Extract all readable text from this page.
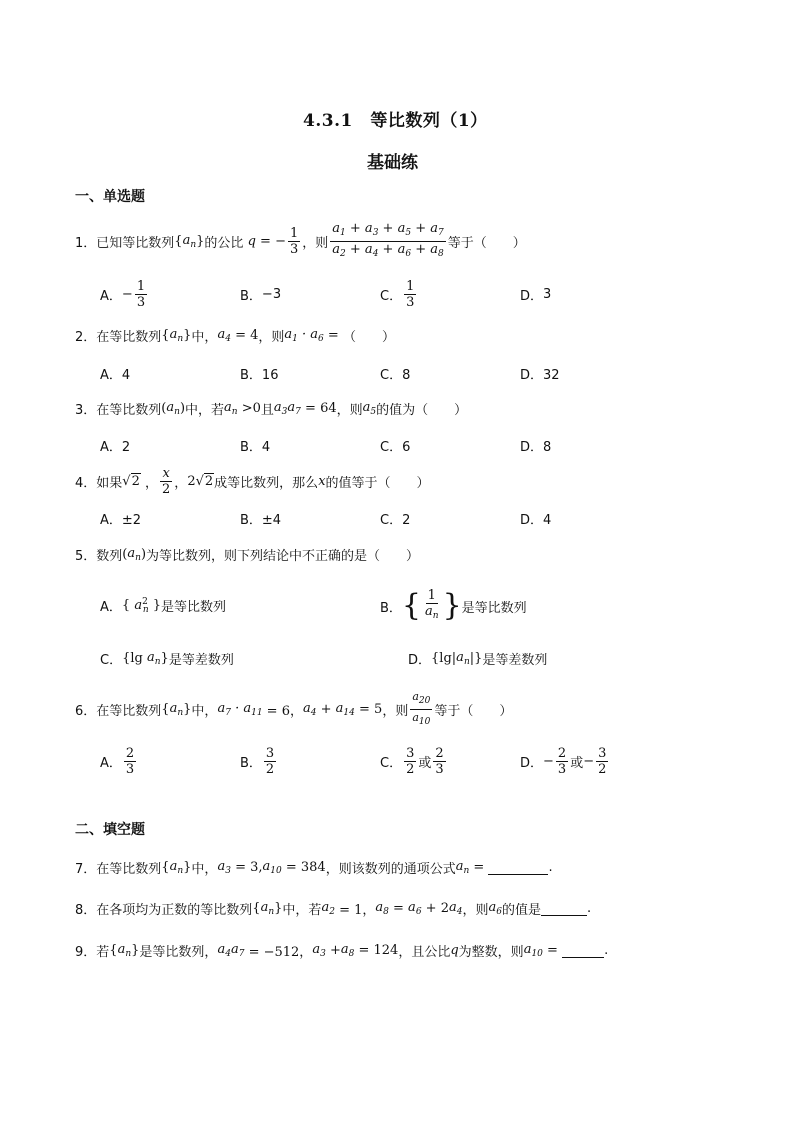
4.3.1　等比数列（1）
基础练
一、单选题
1． 已知等比数列 { $a_n$ } 的公比 q = − $\frac{1}{3}$ ，则 $\frac{a_1 + a_3 + a_5 + a_7}{a_2 + a_4 + a_6 + a_8}$ 等于（　　）
A． − $\frac{1}{3}$	B． −3	C． $\frac{1}{3}$	D． 3
2． 在等比数列 { $a_n$ } 中， $a_4 = 4$ ，则 $a_1 \cdot a_6$ = （　　）
A．4	B．16	C．8	D．32
3． 在等比数列 ( $a_n$ ) 中，若 $a_n >0$ 且 $a_3a_7 = 64$ ，则 $a_5$ 的值为（　　）
A．2	B．4	C．6	D．8
4． 如果 √ 2 ， $\frac{x}{2}$ ， 2 √ 2 成等比数列，那么 x 的值等于（　　）
A．±2	B．±4	C．2	D．4
5． 数列 ( $a_n$ ) 为等比数列，则下列结论中不正确的是（　　）
A． { $a^2_n$ } 是等比数列	B． { $\frac{1}{a_n}$ } 是等比数列
C． { $\lg a_n$ } 是等差数列	D． { lg | $a_n$ | } 是等差数列
6． 在等比数列 { $a_n$ } 中， $a_7 \cdot a_{11} = 6$， $a_4 + a_{14} = 5$ ，则 $\frac{a_{20}}{a_{10}}$ 等于（　　）
A． $\frac{2}{3}$	B． $\frac{3}{2}$	C． $\frac{3}{2}$ 或 $\frac{2}{3}$	D． − $\frac{2}{3}$ 或 − $\frac{3}{2}$
二、填空题
7． 在等比数列 { $a_n$ } 中， $a_3 = 3$, $a_{10} = 384$ ，则该数列的通项公式 $a_n$ =	.
8． 在各项均为正数的等比数列 { $a_n$ } 中，若 $a_2 = 1$， $a_8 = a_6 + 2$ $a_4$ ，则 $a_6$ 的值是	.
9． 若 { $a_n$ } 是等比数列， $a_4a_7 = -512$， $a_3 + a_8 = 124$ ，且公比 q 为整数，则 $a_{10}$ =	.
